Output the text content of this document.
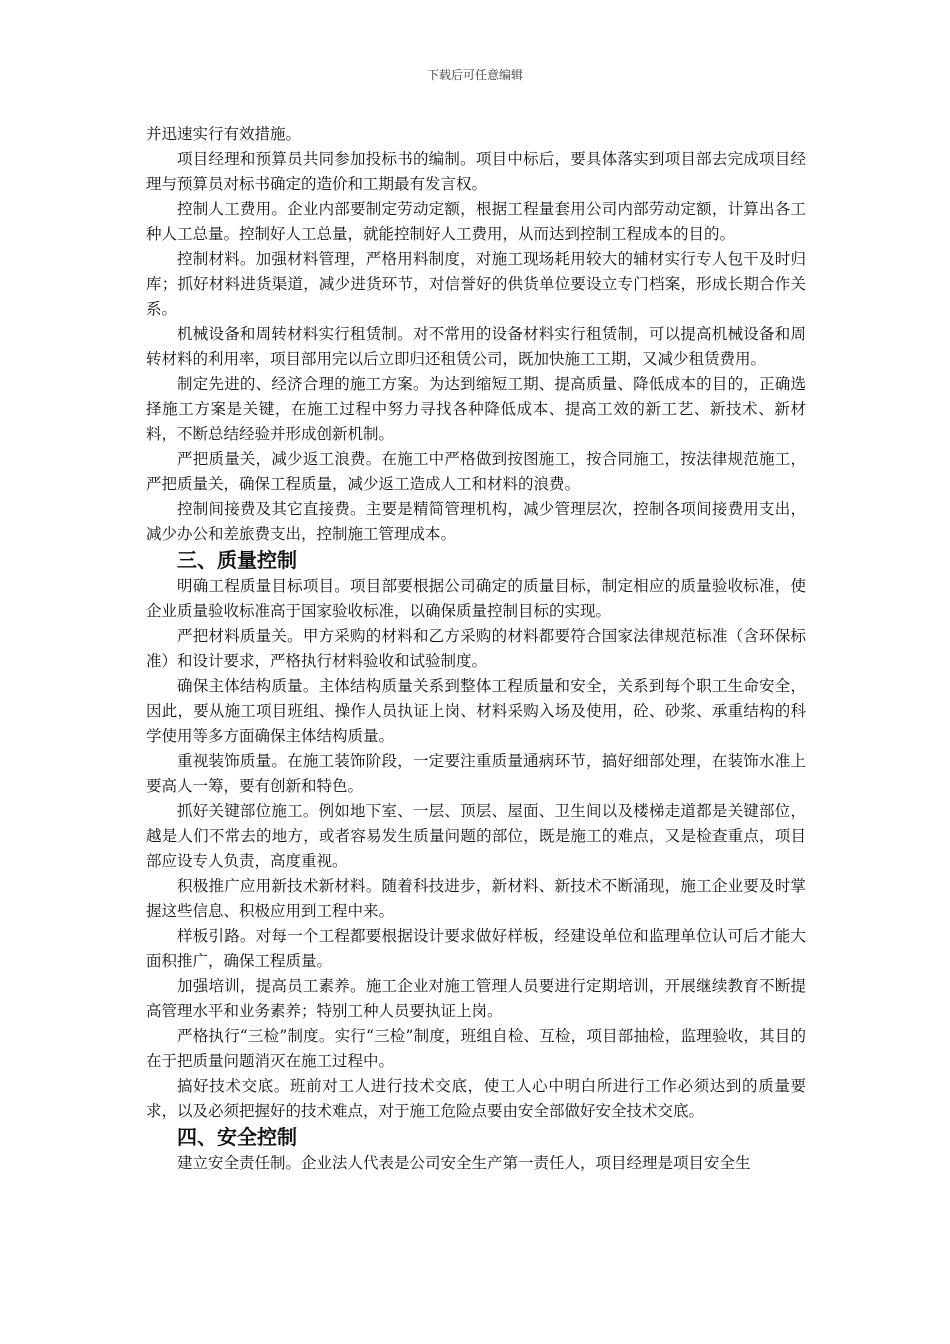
下载后可任意编辑

并迅速实行有效措施。

项目经理和预算员共同参加投标书的编制。项目中标后，要具体落实到项目部去完成项目经理与预算员对标书确定的造价和工期最有发言权。

控制人工费用。企业内部要制定劳动定额，根据工程量套用公司内部劳动定额，计算出各工种人工总量。控制好人工总量，就能控制好人工费用，从而达到控制工程成本的目的。

控制材料。加强材料管理，严格用料制度，对施工现场耗用较大的辅材实行专人包干及时归库；抓好材料进货渠道，减少进货环节，对信誉好的供货单位要设立专门档案，形成长期合作关系。

机械设备和周转材料实行租赁制。对不常用的设备材料实行租赁制，可以提高机械设备和周转材料的利用率，项目部用完以后立即归还租赁公司，既加快施工工期，又减少租赁费用。

制定先进的、经济合理的施工方案。为达到缩短工期、提高质量、降低成本的目的，正确选择施工方案是关键，在施工过程中努力寻找各种降低成本、提高工效的新工艺、新技术、新材料，不断总结经验并形成创新机制。

严把质量关，减少返工浪费。在施工中严格做到按图施工，按合同施工，按法律规范施工，严把质量关，确保工程质量，减少返工造成人工和材料的浪费。

控制间接费及其它直接费。主要是精简管理机构，减少管理层次，控制各项间接费用支出，减少办公和差旅费支出，控制施工管理成本。

三、质量控制

明确工程质量目标项目。项目部要根据公司确定的质量目标，制定相应的质量验收标准，使企业质量验收标准高于国家验收标准，以确保质量控制目标的实现。

严把材料质量关。甲方采购的材料和乙方采购的材料都要符合国家法律规范标准（含环保标准）和设计要求，严格执行材料验收和试验制度。

确保主体结构质量。主体结构质量关系到整体工程质量和安全，关系到每个职工生命安全，因此，要从施工项目班组、操作人员执证上岗、材料采购入场及使用，砼、砂浆、承重结构的科学使用等多方面确保主体结构质量。

重视装饰质量。在施工装饰阶段，一定要注重质量通病环节，搞好细部处理，在装饰水准上要高人一筹，要有创新和特色。

抓好关键部位施工。例如地下室、一层、顶层、屋面、卫生间以及楼梯走道都是关键部位，越是人们不常去的地方，或者容易发生质量问题的部位，既是施工的难点，又是检查重点，项目部应设专人负责，高度重视。

积极推广应用新技术新材料。随着科技进步，新材料、新技术不断涌现，施工企业要及时掌握这些信息、积极应用到工程中来。

样板引路。对每一个工程都要根据设计要求做好样板，经建设单位和监理单位认可后才能大面积推广，确保工程质量。

加强培训，提高员工素养。施工企业对施工管理人员要进行定期培训，开展继续教育不断提高管理水平和业务素养；特别工种人员要执证上岗。

严格执行“三检”制度。实行“三检”制度，班组自检、互检，项目部抽检，监理验收，其目的在于把质量问题消灭在施工过程中。

搞好技术交底。班前对工人进行技术交底，使工人心中明白所进行工作必须达到的质量要求，以及必须把握好的技术难点，对于施工危险点要由安全部做好安全技术交底。

四、安全控制

建立安全责任制。企业法人代表是公司安全生产第一责任人，项目经理是项目安全生
